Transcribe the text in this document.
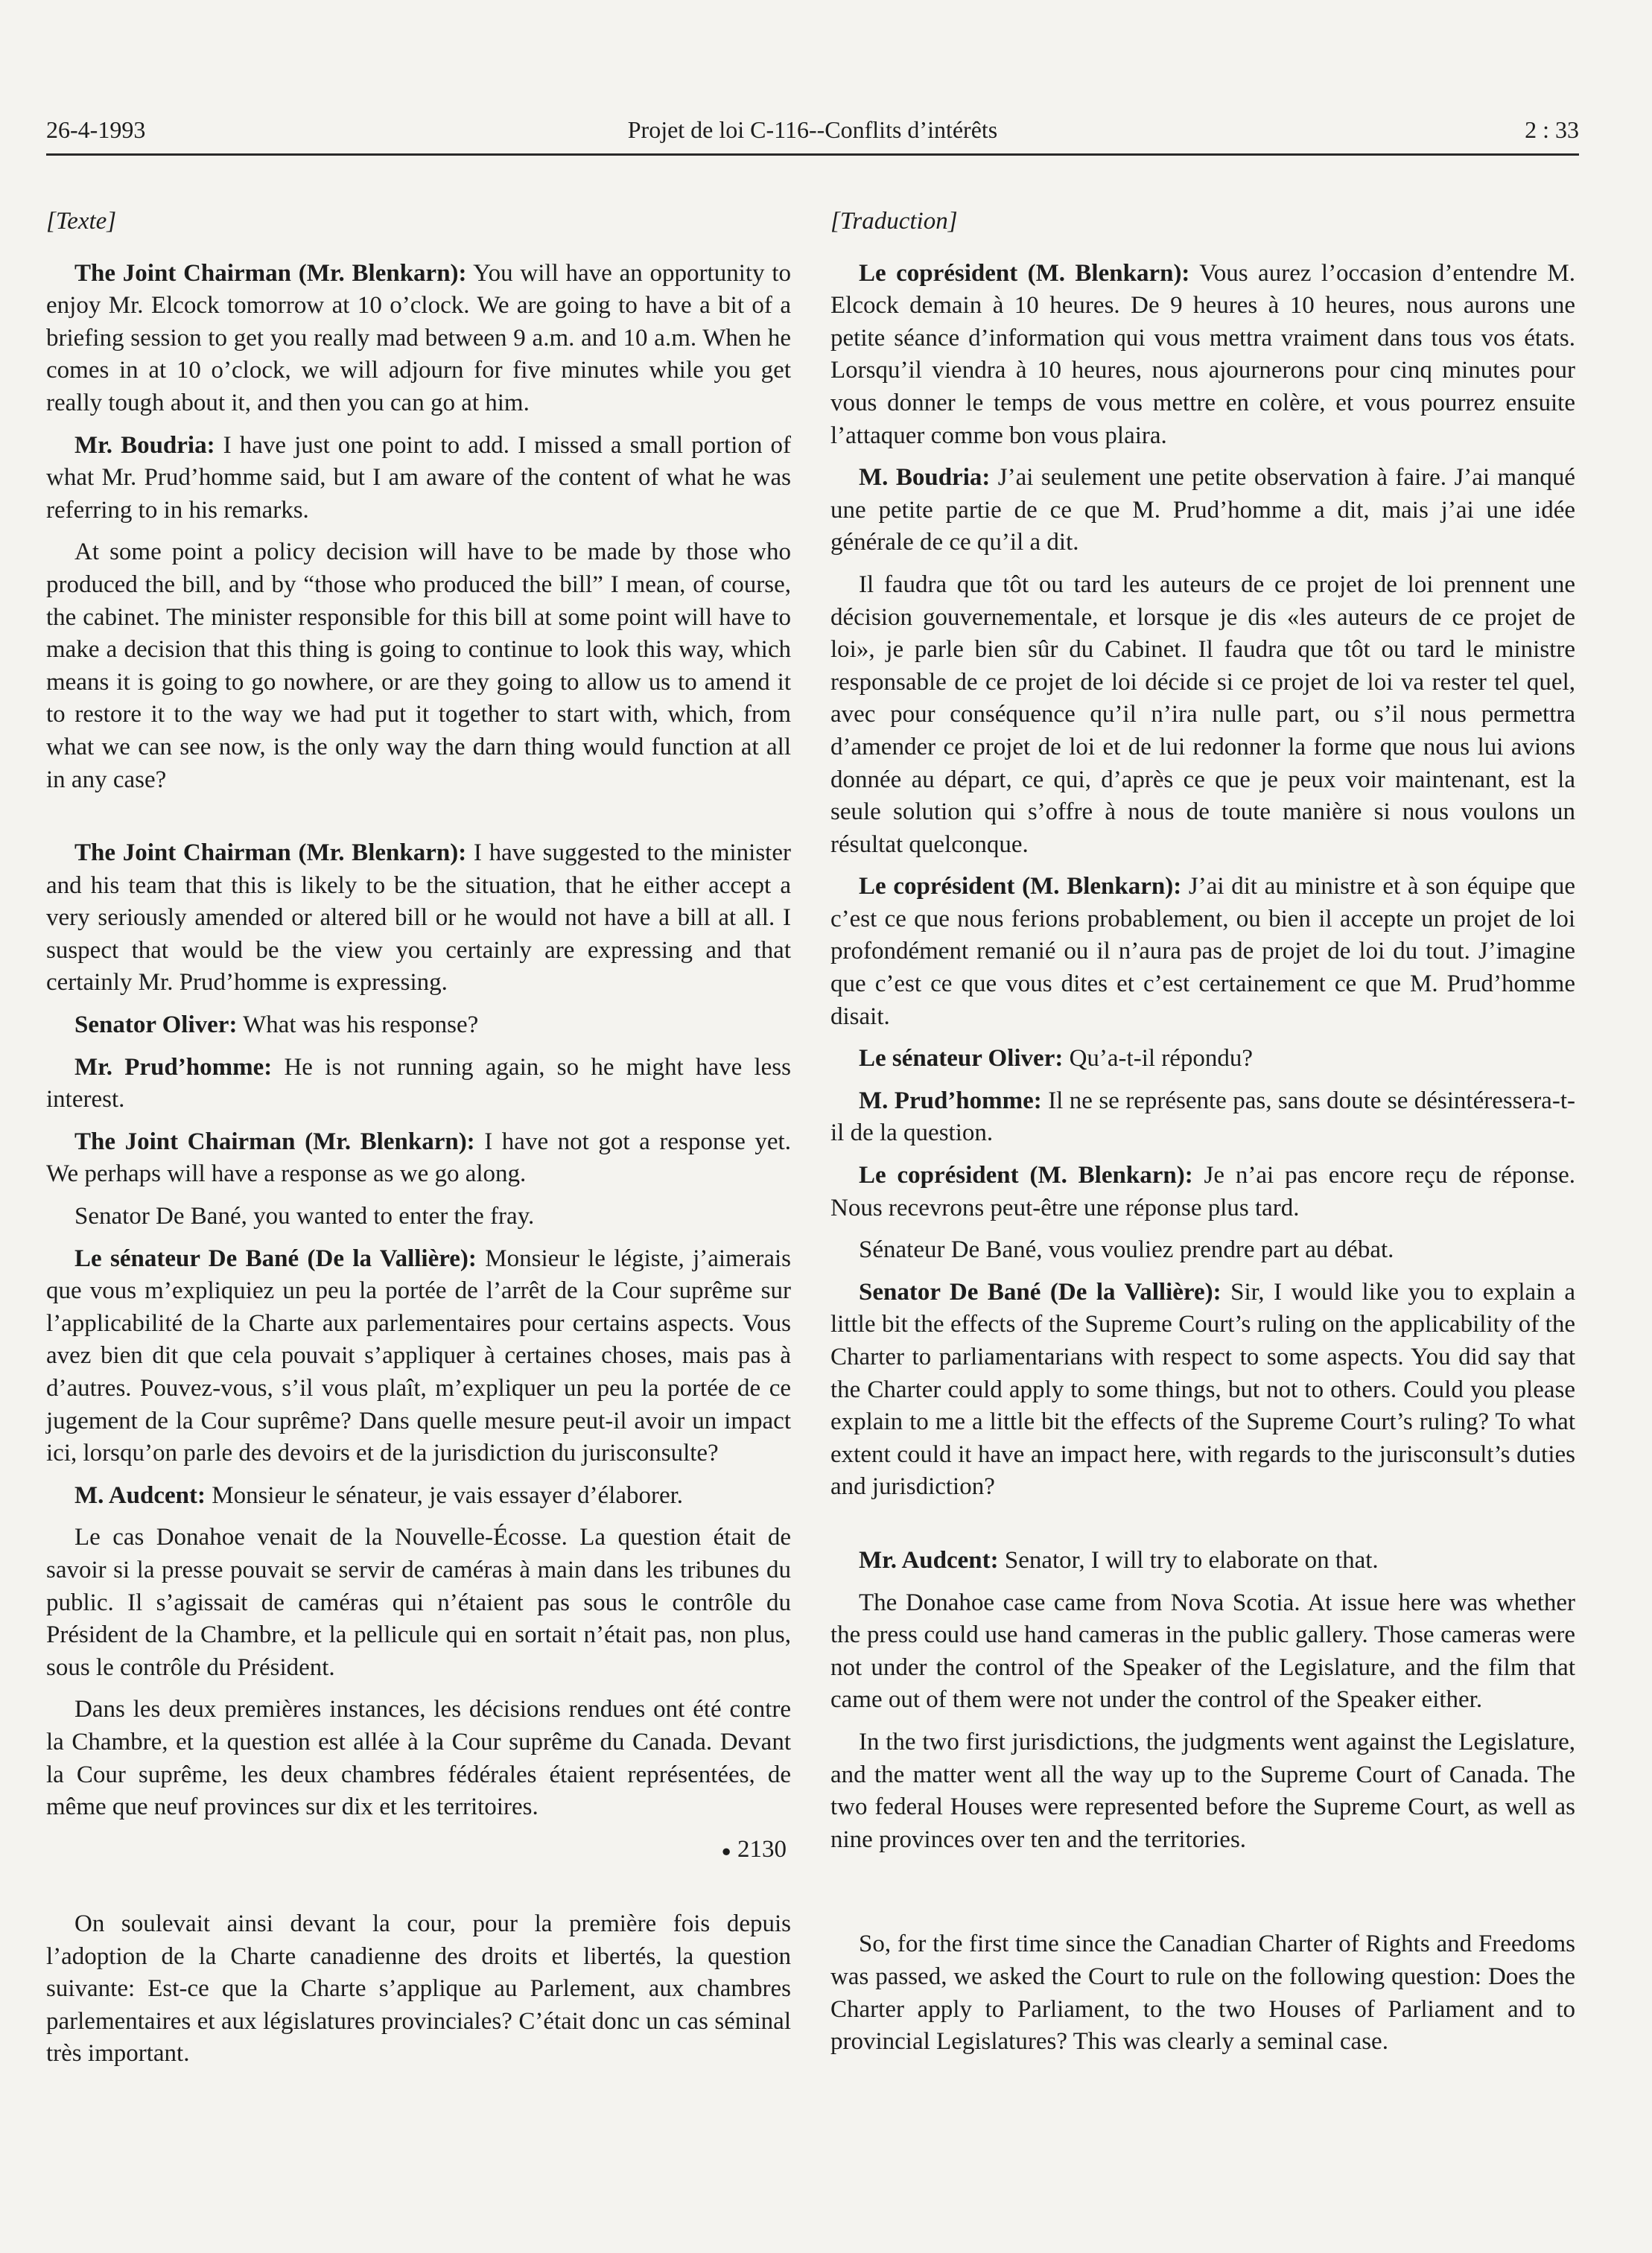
26-4-1993	Projet de loi C-116--Conflits d’intérêts	2 : 33
[Texte]

The Joint Chairman (Mr. Blenkarn): You will have an opportunity to enjoy Mr. Elcock tomorrow at 10 o’clock. We are going to have a bit of a briefing session to get you really mad between 9 a.m. and 10 a.m. When he comes in at 10 o’clock, we will adjourn for five minutes while you get really tough about it, and then you can go at him.

Mr. Boudria: I have just one point to add. I missed a small portion of what Mr. Prud’homme said, but I am aware of the content of what he was referring to in his remarks.

At some point a policy decision will have to be made by those who produced the bill, and by “those who produced the bill” I mean, of course, the cabinet. The minister responsible for this bill at some point will have to make a decision that this thing is going to continue to look this way, which means it is going to go nowhere, or are they going to allow us to amend it to restore it to the way we had put it together to start with, which, from what we can see now, is the only way the darn thing would function at all in any case?

The Joint Chairman (Mr. Blenkarn): I have suggested to the minister and his team that this is likely to be the situation, that he either accept a very seriously amended or altered bill or he would not have a bill at all. I suspect that would be the view you certainly are expressing and that certainly Mr. Prud’homme is expressing.

Senator Oliver: What was his response?

Mr. Prud’homme: He is not running again, so he might have less interest.

The Joint Chairman (Mr. Blenkarn): I have not got a response yet. We perhaps will have a response as we go along.

Senator De Bané, you wanted to enter the fray.

Le sénateur De Bané (De la Vallière): Monsieur le légiste, j’aimerais que vous m’expliquiez un peu la portée de l’arrêt de la Cour suprême sur l’applicabilité de la Charte aux parlementaires pour certains aspects. Vous avez bien dit que cela pouvait s’appliquer à certaines choses, mais pas à d’autres. Pouvez-vous, s’il vous plaît, m’expliquer un peu la portée de ce jugement de la Cour suprême? Dans quelle mesure peut-il avoir un impact ici, lorsqu’on parle des devoirs et de la jurisdiction du jurisconsulte?

M. Audcent: Monsieur le sénateur, je vais essayer d’élaborer.

Le cas Donahoe venait de la Nouvelle-Écosse. La question était de savoir si la presse pouvait se servir de caméras à main dans les tribunes du public. Il s’agissait de caméras qui n’étaient pas sous le contrôle du Président de la Chambre, et la pellicule qui en sortait n’était pas, non plus, sous le contrôle du Président.

Dans les deux premières instances, les décisions rendues ont été contre la Chambre, et la question est allée à la Cour suprême du Canada. Devant la Cour suprême, les deux chambres fédérales étaient représentées, de même que neuf provinces sur dix et les territoires.

● 2130

On soulevait ainsi devant la cour, pour la première fois depuis l’adoption de la Charte canadienne des droits et libertés, la question suivante: Est-ce que la Charte s’applique au Parlement, aux chambres parlementaires et aux législatures provinciales? C’était donc un cas séminal très important.

[Traduction]

Le coprésident (M. Blenkarn): Vous aurez l’occasion d’entendre M. Elcock demain à 10 heures. De 9 heures à 10 heures, nous aurons une petite séance d’information qui vous mettra vraiment dans tous vos états. Lorsqu’il viendra à 10 heures, nous ajournerons pour cinq minutes pour vous donner le temps de vous mettre en colère, et vous pourrez ensuite l’attaquer comme bon vous plaira.

M. Boudria: J’ai seulement une petite observation à faire. J’ai manqué une petite partie de ce que M. Prud’homme a dit, mais j’ai une idée générale de ce qu’il a dit.

Il faudra que tôt ou tard les auteurs de ce projet de loi prennent une décision gouvernementale, et lorsque je dis «les auteurs de ce projet de loi», je parle bien sûr du Cabinet. Il faudra que tôt ou tard le ministre responsable de ce projet de loi décide si ce projet de loi va rester tel quel, avec pour conséquence qu’il n’ira nulle part, ou s’il nous permettra d’amender ce projet de loi et de lui redonner la forme que nous lui avions donnée au départ, ce qui, d’après ce que je peux voir maintenant, est la seule solution qui s’offre à nous de toute manière si nous voulons un résultat quelconque.

Le coprésident (M. Blenkarn): J’ai dit au ministre et à son équipe que c’est ce que nous ferions probablement, ou bien il accepte un projet de loi profondément remanié ou il n’aura pas de projet de loi du tout. J’imagine que c’est ce que vous dites et c’est certainement ce que M. Prud’homme disait.

Le sénateur Oliver: Qu’a-t-il répondu?

M. Prud’homme: Il ne se représente pas, sans doute se désintéressera-t-il de la question.

Le coprésident (M. Blenkarn): Je n’ai pas encore reçu de réponse. Nous recevrons peut-être une réponse plus tard.

Sénateur De Bané, vous vouliez prendre part au débat.

Senator De Bané (De la Vallière): Sir, I would like you to explain a little bit the effects of the Supreme Court’s ruling on the applicability of the Charter to parliamentarians with respect to some aspects. You did say that the Charter could apply to some things, but not to others. Could you please explain to me a little bit the effects of the Supreme Court’s ruling? To what extent could it have an impact here, with regards to the jurisconsult’s duties and jurisdiction?

Mr. Audcent: Senator, I will try to elaborate on that.

The Donahoe case came from Nova Scotia. At issue here was whether the press could use hand cameras in the public gallery. Those cameras were not under the control of the Speaker of the Legislature, and the film that came out of them were not under the control of the Speaker either.

In the two first jurisdictions, the judgments went against the Legislature, and the matter went all the way up to the Supreme Court of Canada. The two federal Houses were represented before the Supreme Court, as well as nine provinces over ten and the territories.

So, for the first time since the Canadian Charter of Rights and Freedoms was passed, we asked the Court to rule on the following question: Does the Charter apply to Parliament, to the two Houses of Parliament and to provincial Legislatures? This was clearly a seminal case.
